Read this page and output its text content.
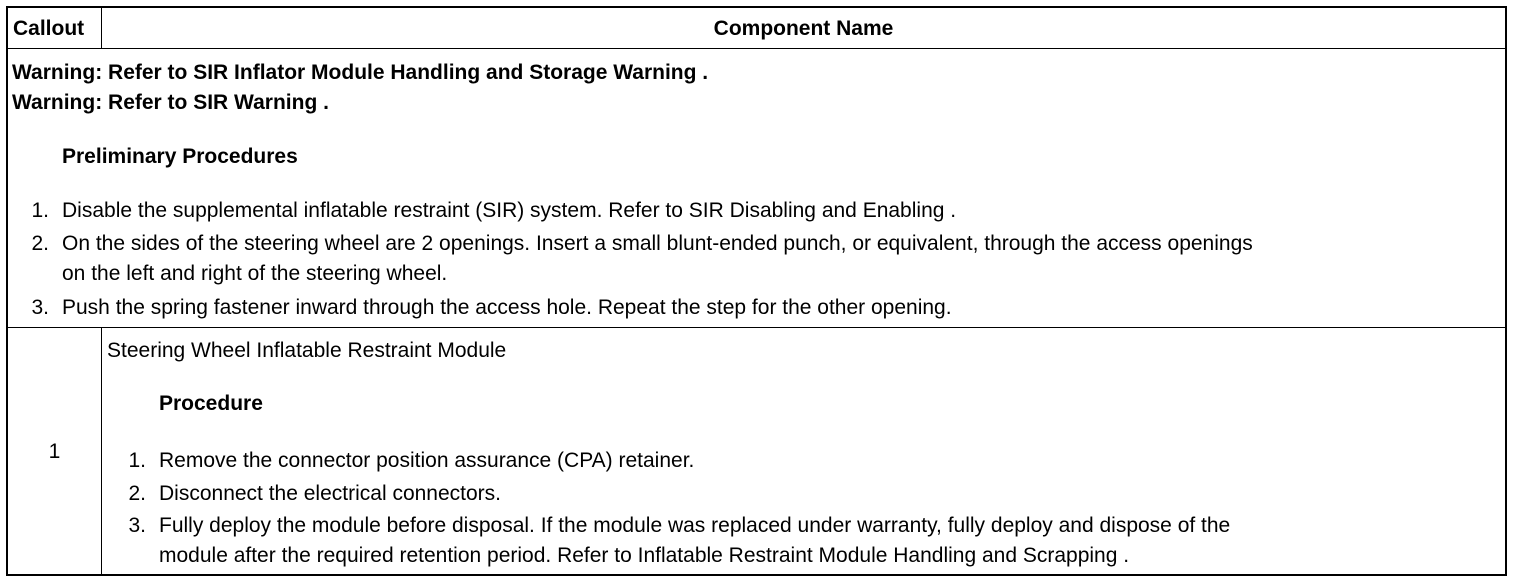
Callout	Component Name
Warning: Refer to SIR Inflator Module Handling and Storage Warning .
Warning: Refer to SIR Warning .
Preliminary Procedures
1. Disable the supplemental inflatable restraint (SIR) system. Refer to SIR Disabling and Enabling .
2. On the sides of the steering wheel are 2 openings. Insert a small blunt-ended punch, or equivalent, through the access openings
on the left and right of the steering wheel.
3. Push the spring fastener inward through the access hole. Repeat the step for the other opening.
1
Steering Wheel Inflatable Restraint Module
Procedure
1. Remove the connector position assurance (CPA) retainer.
2. Disconnect the electrical connectors.
3. Fully deploy the module before disposal. If the module was replaced under warranty, fully deploy and dispose of the
module after the required retention period. Refer to Inflatable Restraint Module Handling and Scrapping .
